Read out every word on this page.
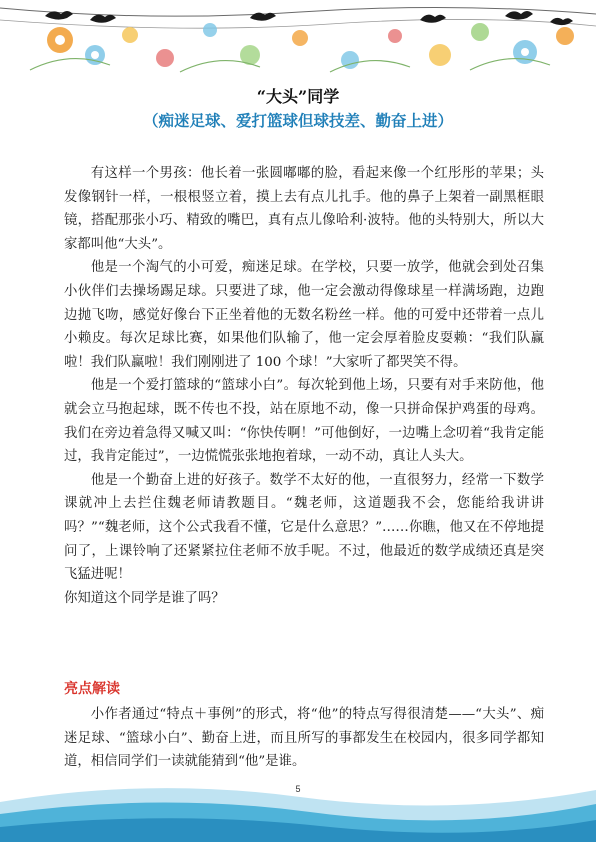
“大头”同学
（痴迷足球、爱打篮球但球技差、勤奋上进）

有这样一个男孩：他长着一张圆嘟嘟的脸，看起来像一个红彤彤的苹果；头发像钢针一样，一根根竖立着，摸上去有点儿扎手。他的鼻子上架着一副黑框眼镜，搭配那张小巧、精致的嘴巴，真有点儿像哈利·波特。他的头特别大，所以大家都叫他“大头”。

他是一个淘气的小可爱，痴迷足球。在学校，只要一放学，他就会到处召集小伙伴们去操场踢足球。只要进了球，他一定会激动得像球星一样满场跑，边跑边抛飞吻，感觉好像台下正坐着他的无数名粉丝一样。他的可爱中还带着一点儿小赖皮。每次足球比赛，如果他们队输了，他一定会厚着脸皮耍赖：“我们队赢啦！我们队赢啦！我们刚刚进了 100 个球！”大家听了都哭笑不得。

他是一个爱打篮球的“篮球小白”。每次轮到他上场，只要有对手来防他，他就会立马抱起球，既不传也不投，站在原地不动，像一只拼命保护鸡蛋的母鸡。我们在旁边着急得又喊又叫：“你快传啊！”可他倒好，一边嘴上念叨着“我肯定能过，我肯定能过”，一边慌慌张张地抱着球，一动不动，真让人头大。

他是一个勤奋上进的好孩子。数学不太好的他，一直很努力，经常一下数学课就冲上去拦住魏老师请教题目。“魏老师，这道题我不会，您能给我讲讲吗？”“魏老师，这个公式我看不懂，它是什么意思？”……你瞧，他又在不停地提问了，上课铃响了还紧紧拉住老师不放手呢。不过，他最近的数学成绩还真是突飞猛进呢！

你知道这个同学是谁了吗？

亮点解读

小作者通过“特点＋事例”的形式，将“他”的特点写得很清楚——“大头”、痴迷足球、“篮球小白”、勤奋上进，而且所写的事都发生在校园内，很多同学都知道，相信同学们一读就能猜到“他”是谁。

5
